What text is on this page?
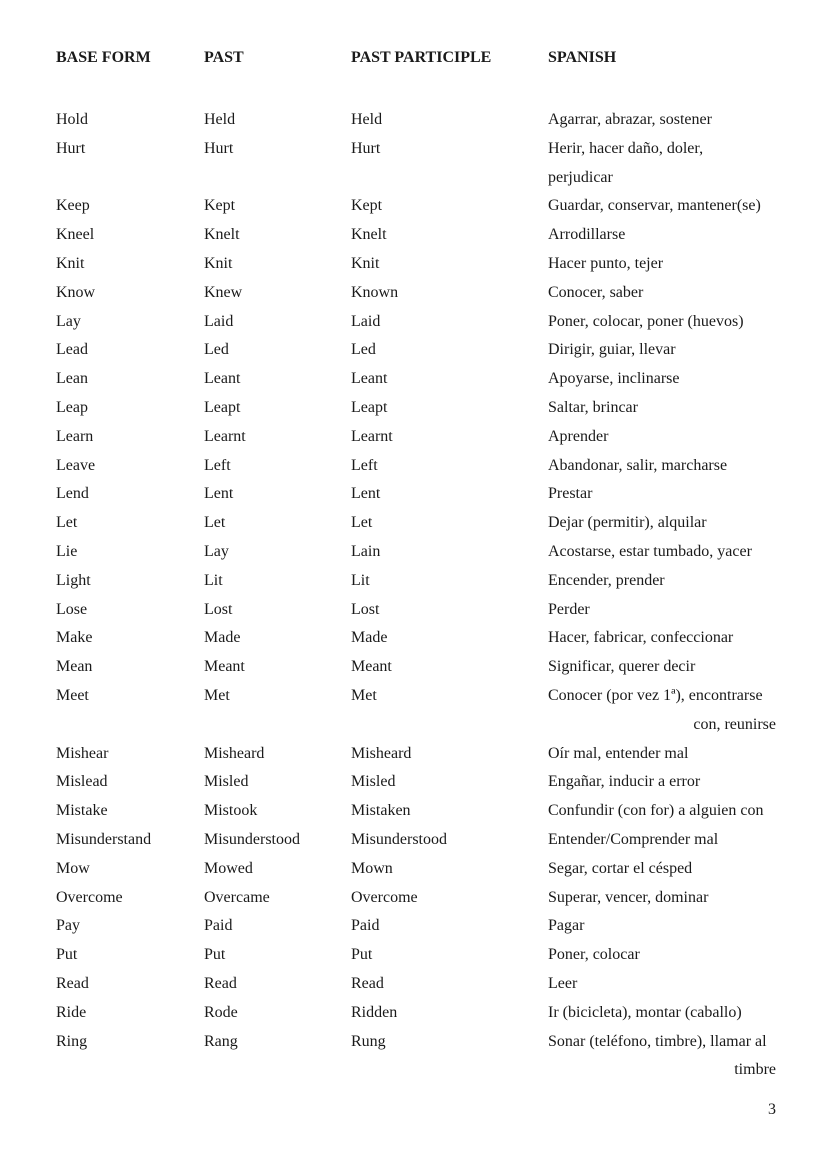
BASE FORM	PAST	PAST PARTICIPLE	SPANISH
Hold	Held	Held	Agarrar, abrazar, sostener
Hurt	Hurt	Hurt	Herir, hacer daño, doler,
perjudicar
Keep	Kept	Kept	Guardar, conservar, mantener(se)
Kneel	Knelt	Knelt	Arrodillarse
Knit	Knit	Knit	Hacer punto, tejer
Know	Knew	Known	Conocer, saber
Lay	Laid	Laid	Poner, colocar, poner (huevos)
Lead	Led	Led	Dirigir, guiar, llevar
Lean	Leant	Leant	Apoyarse, inclinarse
Leap	Leapt	Leapt	Saltar, brincar
Learn	Learnt	Learnt	Aprender
Leave	Left	Left	Abandonar, salir, marcharse
Lend	Lent	Lent	Prestar
Let	Let	Let	Dejar (permitir), alquilar
Lie	Lay	Lain	Acostarse, estar tumbado, yacer
Light	Lit	Lit	Encender, prender
Lose	Lost	Lost	Perder
Make	Made	Made	Hacer, fabricar, confeccionar
Mean	Meant	Meant	Significar, querer decir
Meet	Met	Met	Conocer (por vez 1ª), encontrarse
con, reunirse
Mishear	Misheard	Misheard	Oír mal, entender mal
Mislead	Misled	Misled	Engañar, inducir a error
Mistake	Mistook	Mistaken	Confundir (con for) a alguien con
Misunderstand	Misunderstood	Misunderstood	Entender/Comprender mal
Mow	Mowed	Mown	Segar, cortar el césped
Overcome	Overcame	Overcome	Superar, vencer, dominar
Pay	Paid	Paid	Pagar
Put	Put	Put	Poner, colocar
Read	Read	Read	Leer
Ride	Rode	Ridden	Ir (bicicleta), montar (caballo)
Ring	Rang	Rung	Sonar (teléfono, timbre), llamar al
timbre
3
